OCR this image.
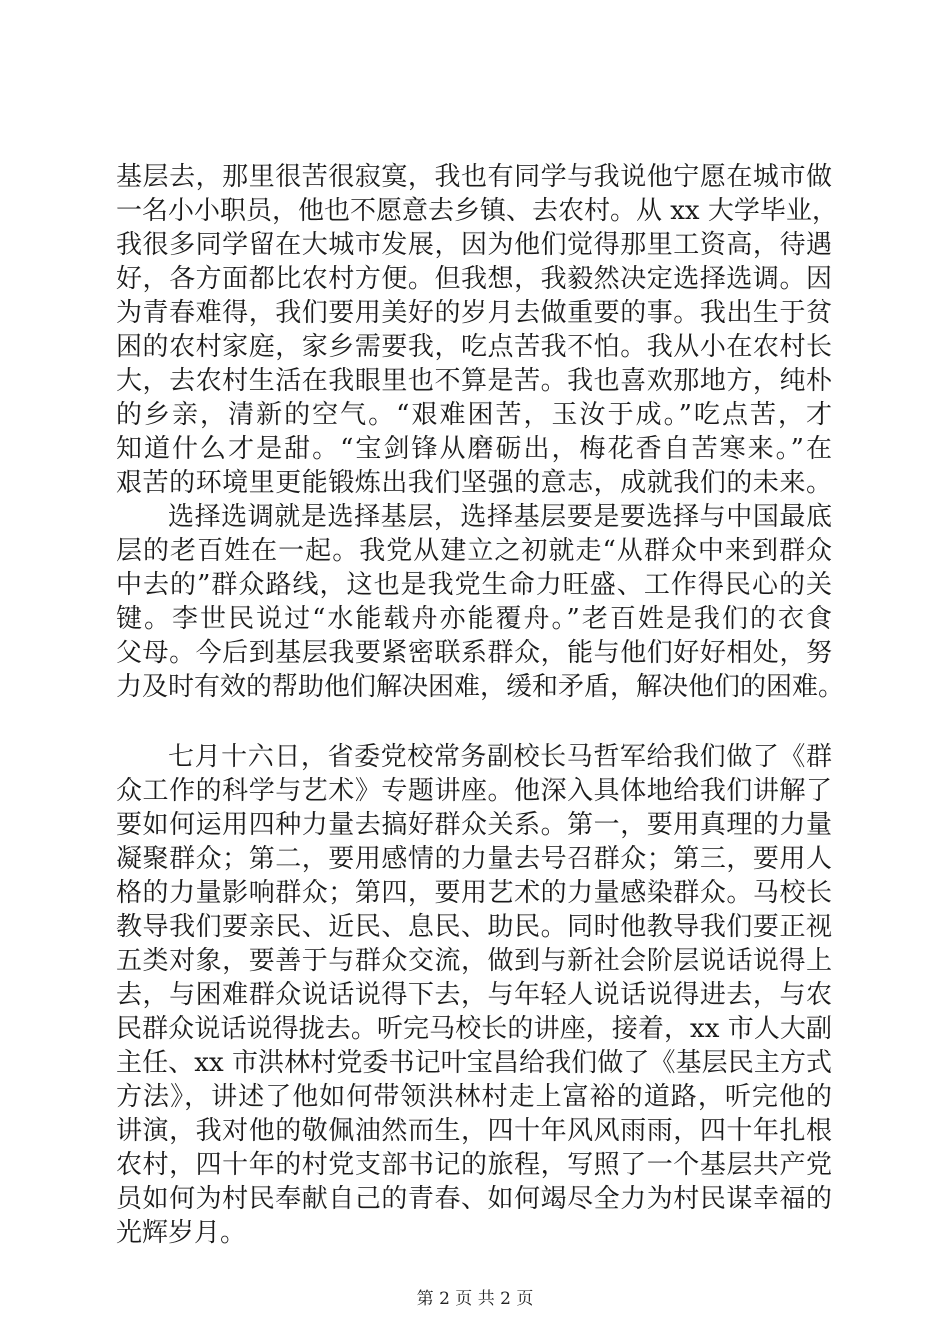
基层去，那里很苦很寂寞，我也有同学与我说他宁愿在城市做
一名小小职员，他也不愿意去乡镇、去农村。从 xx 大学毕业，
我很多同学留在大城市发展，因为他们觉得那里工资高，待遇
好，各方面都比农村方便。但我想，我毅然决定选择选调。因
为青春难得，我们要用美好的岁月去做重要的事。我出生于贫
困的农村家庭，家乡需要我，吃点苦我不怕。我从小在农村长
大，去农村生活在我眼里也不算是苦。我也喜欢那地方，纯朴
的乡亲，清新的空气。“艰难困苦，玉汝于成。”吃点苦，才
知道什么才是甜。“宝剑锋从磨砺出，梅花香自苦寒来。”在
艰苦的环境里更能锻炼出我们坚强的意志，成就我们的未来。
选择选调就是选择基层，选择基层要是要选择与中国最底
层的老百姓在一起。我党从建立之初就走“从群众中来到群众
中去的”群众路线，这也是我党生命力旺盛、工作得民心的关
键。李世民说过“水能载舟亦能覆舟。”老百姓是我们的衣食
父母。今后到基层我要紧密联系群众，能与他们好好相处，努
力及时有效的帮助他们解决困难，缓和矛盾，解决他们的困难。
七月十六日，省委党校常务副校长马哲军给我们做了《群
众工作的科学与艺术》专题讲座。他深入具体地给我们讲解了
要如何运用四种力量去搞好群众关系。第一，要用真理的力量
凝聚群众；第二，要用感情的力量去号召群众；第三，要用人
格的力量影响群众；第四，要用艺术的力量感染群众。马校长
教导我们要亲民、近民、息民、助民。同时他教导我们要正视
五类对象，要善于与群众交流，做到与新社会阶层说话说得上
去，与困难群众说话说得下去，与年轻人说话说得进去，与农
民群众说话说得拢去。听完马校长的讲座，接着，xx 市人大副
主任、xx 市洪林村党委书记叶宝昌给我们做了《基层民主方式
方法》，讲述了他如何带领洪林村走上富裕的道路，听完他的
讲演，我对他的敬佩油然而生，四十年风风雨雨，四十年扎根
农村，四十年的村党支部书记的旅程，写照了一个基层共产党
员如何为村民奉献自己的青春、如何竭尽全力为村民谋幸福的
光辉岁月。
第 2 页 共 2 页
